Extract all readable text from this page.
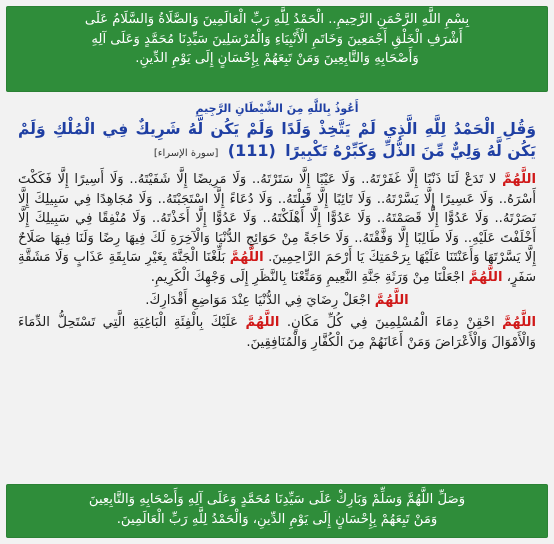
بِسْمِ اللَّهِ الرَّحْمَنِ الرَّحِيمِ.. الْحَمْدُ لِلَّهِ رَبِّ الْعَالَمِينَ وَالصَّلَاةُ وَالسَّلَامُ عَلَى
أَشْرَفِ الْخَلْقِ أَجْمَعِينَ وَخَاتَمِ الْأَنْبِيَاءِ وَالْمُرْسَلِينَ سَيِّدِنَا مُحَمَّدٍ وَعَلَى آلِهِ
وَأَصْحَابِهِ وَالتَّابِعِينَ وَمَنْ تَبِعَهُمْ بِإِحْسَانٍ إِلَى يَوْمِ الدِّينِ.
أَعُوذُ بِاللَّهِ مِنَ الشَّيْطَانِ الرَّجِيمِ
وَقُلِ الْحَمْدُ لِلَّهِ الَّذِي لَمْ يَتَّخِذْ وَلَدًا وَلَمْ يَكُن لَّهُ شَرِيكٌ فِي الْمُلْكِ وَلَمْ يَكُن لَّهُ وَلِيٌّ مِّنَ الذُّلِّ وَكَبِّرْهُ تَكْبِيرًا (111) [سورة الإسراء]

اللَّهُمَّ لا تَدَعْ لَنَا ذَنْبًا إِلَّا غَفَرْتَهُ.. وَلَا عَيْبًا إِلَّا سَتَرْتَهُ.. وَلَا مَرِيضًا إِلَّا شَفَيْتَهُ.. وَلَا أَسِيرًا إِلَّا فَكَكْتَ أَسْرَهُ.. وَلَا عَسِيرًا إِلَّا يَسَّرْتَهُ.. وَلَا تَائِبًا إِلَّا قَبِلْتَهُ.. وَلَا دُعَاءً إِلَّا اسْتَجَبْتَهُ.. وَلَا مُجَاهِدًا فِي سَبِيلِكَ إِلَّا نَصَرْتَهُ.. وَلَا عَدُوًّا إِلَّا قَصَمْتَهُ.. وَلَا عَدُوًّا إِلَّا أَهْلَكْتَهُ.. وَلَا عَدُوًّا إِلَّا أَخَذْتَهُ.. وَلَا مُنْفِقًا فِي سَبِيلِكَ إِلَّا أَخْلَفْتَ عَلَيْهِ.. وَلَا طَالِبًا إِلَّا وَفَّقْتَهُ.. وَلَا حَاجَةً مِنْ حَوَائِجِ الدُّنْيَا وَالْآخِرَةِ لَكَ فِيهَا رِضًا وَلَنَا فِيهَا صَلَاحٌ إِلَّا يَسَّرْتَهَا وَأَعَنْتَنَا عَلَيْهَا بِرَحْمَتِكَ يَا أَرْحَمَ الرَّاحِمِينَ. اللَّهُمَّ بَلِّغْنَا الْجَنَّةَ بِغَيْرِ سَابِقَةِ عَذَابٍ وَلَا مَشَقَّةِ سَفَرٍ، اللَّهُمَّ اجْعَلْنَا مِنْ وَرَثَةِ جَنَّةِ النَّعِيمِ وَمَتِّعْنَا بِالنَّظَرِ إِلَى وَجْهِكَ الْكَرِيمِ.

اللَّهُمَّ اجْعَلْ رِضَايَ فِي الدُّنْيَا عِنْدَ مَوَاضِعِ أَقْدَارِكَ.

اللَّهُمَّ احْقِنْ دِمَاءَ الْمُسْلِمِينَ فِي كُلِّ مَكَانٍ. اللَّهُمَّ عَلَيْكَ بِالْفِئَةِ الْبَاغِيَةِ الَّتِي تَسْتَحِلُّ الدِّمَاءَ وَالْأَمْوَالَ وَالْأَعْرَاضَ وَمَنْ أَعَانَهُمْ مِنَ الْكُفَّارِ وَالْمُنَافِقِينَ.

وَصَلِّ اللَّهُمَّ وَسَلِّمْ وَبَارِكْ عَلَى سَيِّدِنَا مُحَمَّدٍ وَعَلَى آلِهِ وَأَصْحَابِهِ وَالتَّابِعِينَ
وَمَنْ تَبِعَهُمْ بِإِحْسَانٍ إِلَى يَوْمِ الدِّينِ، وَالْحَمْدُ لِلَّهِ رَبِّ الْعَالَمِينَ.
